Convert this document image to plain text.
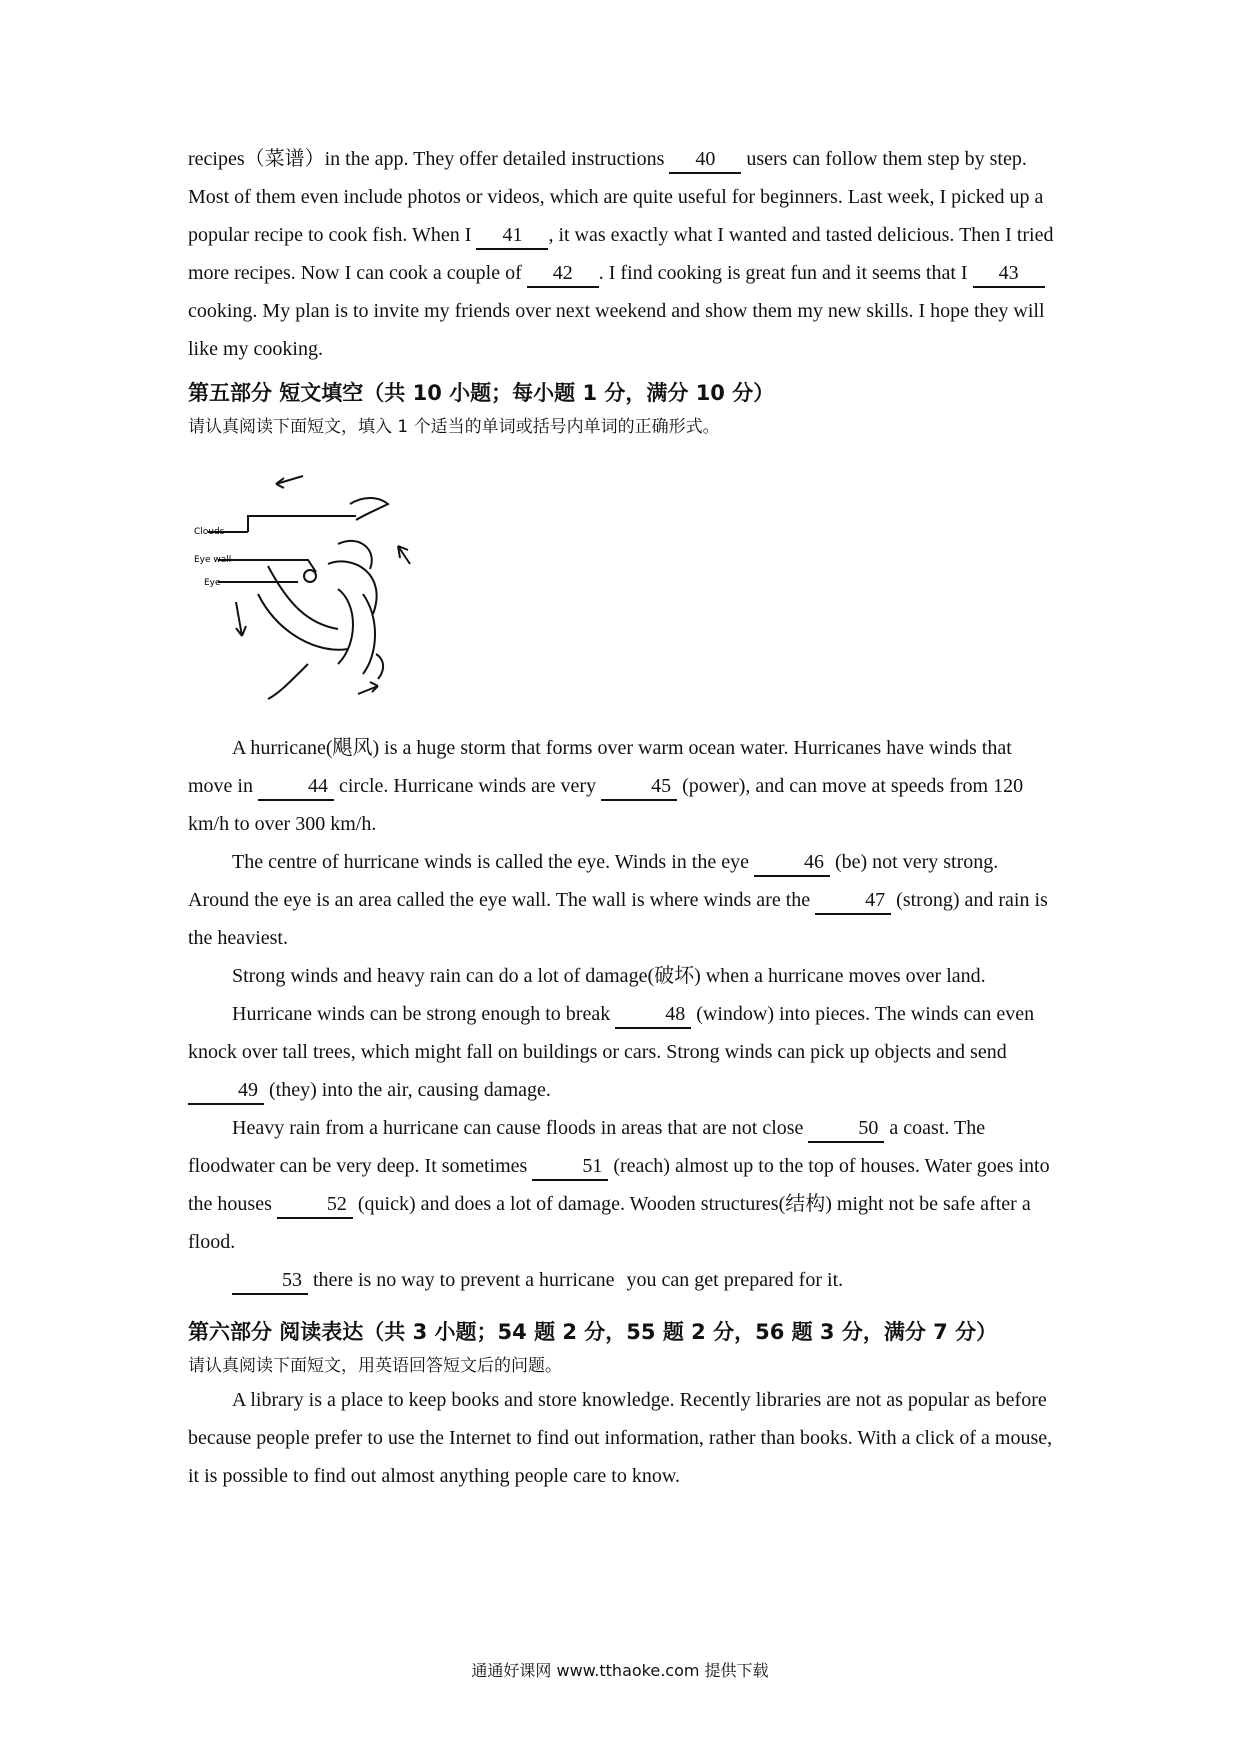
recipes（菜谱）in the app. They offer detailed instructions 40 users can follow them step by step. Most of them even include photos or videos, which are quite useful for beginners. Last week, I picked up a popular recipe to cook fish. When I 41 , it was exactly what I wanted and tasted delicious. Then I tried more recipes. Now I can cook a couple of 42 . I find cooking is great fun and it seems that I 43 cooking. My plan is to invite my friends over next weekend and show them my new skills. I hope they will like my cooking.

第五部分 短文填空（共 10 小题；每小题 1 分，满分 10 分）

请认真阅读下面短文，填入 1 个适当的单词或括号内单词的正确形式。

Clouds
Eye wall
Eye

A hurricane(飓风) is a huge storm that forms over warm ocean water. Hurricanes have winds that move in	44 circle. Hurricane winds are very	45 (power), and can move at speeds from 120 km/h to over 300 km/h.

The centre of hurricane winds is called the eye. Winds in the eye	46 (be) not very strong. Around the eye is an area called the eye wall. The wall is where winds are the	47 (strong) and rain is the heaviest.

Strong winds and heavy rain can do a lot of damage(破坏) when a hurricane moves over land.

Hurricane winds can be strong enough to break	48 (window) into pieces. The winds can even knock over tall trees, which might fall on buildings or cars. Strong winds can pick up objects and send 49 (they) into the air, causing damage.

Heavy rain from a hurricane can cause floods in areas that are not close	50 a coast. The floodwater can be very deep. It sometimes	51 (reach) almost up to the top of houses. Water goes into the houses	52 (quick) and does a lot of damage. Wooden structures(结构) might not be safe after a flood.

53 there is no way to prevent a hurricane you can get prepared for it.

第六部分 阅读表达（共 3 小题；54 题 2 分，55 题 2 分，56 题 3 分，满分 7 分）

请认真阅读下面短文，用英语回答短文后的问题。

A library is a place to keep books and store knowledge. Recently libraries are not as popular as before because people prefer to use the Internet to find out information, rather than books. With a click of a mouse, it is possible to find out almost anything people care to know.

通通好课网 www.tthaoke.com 提供下载
